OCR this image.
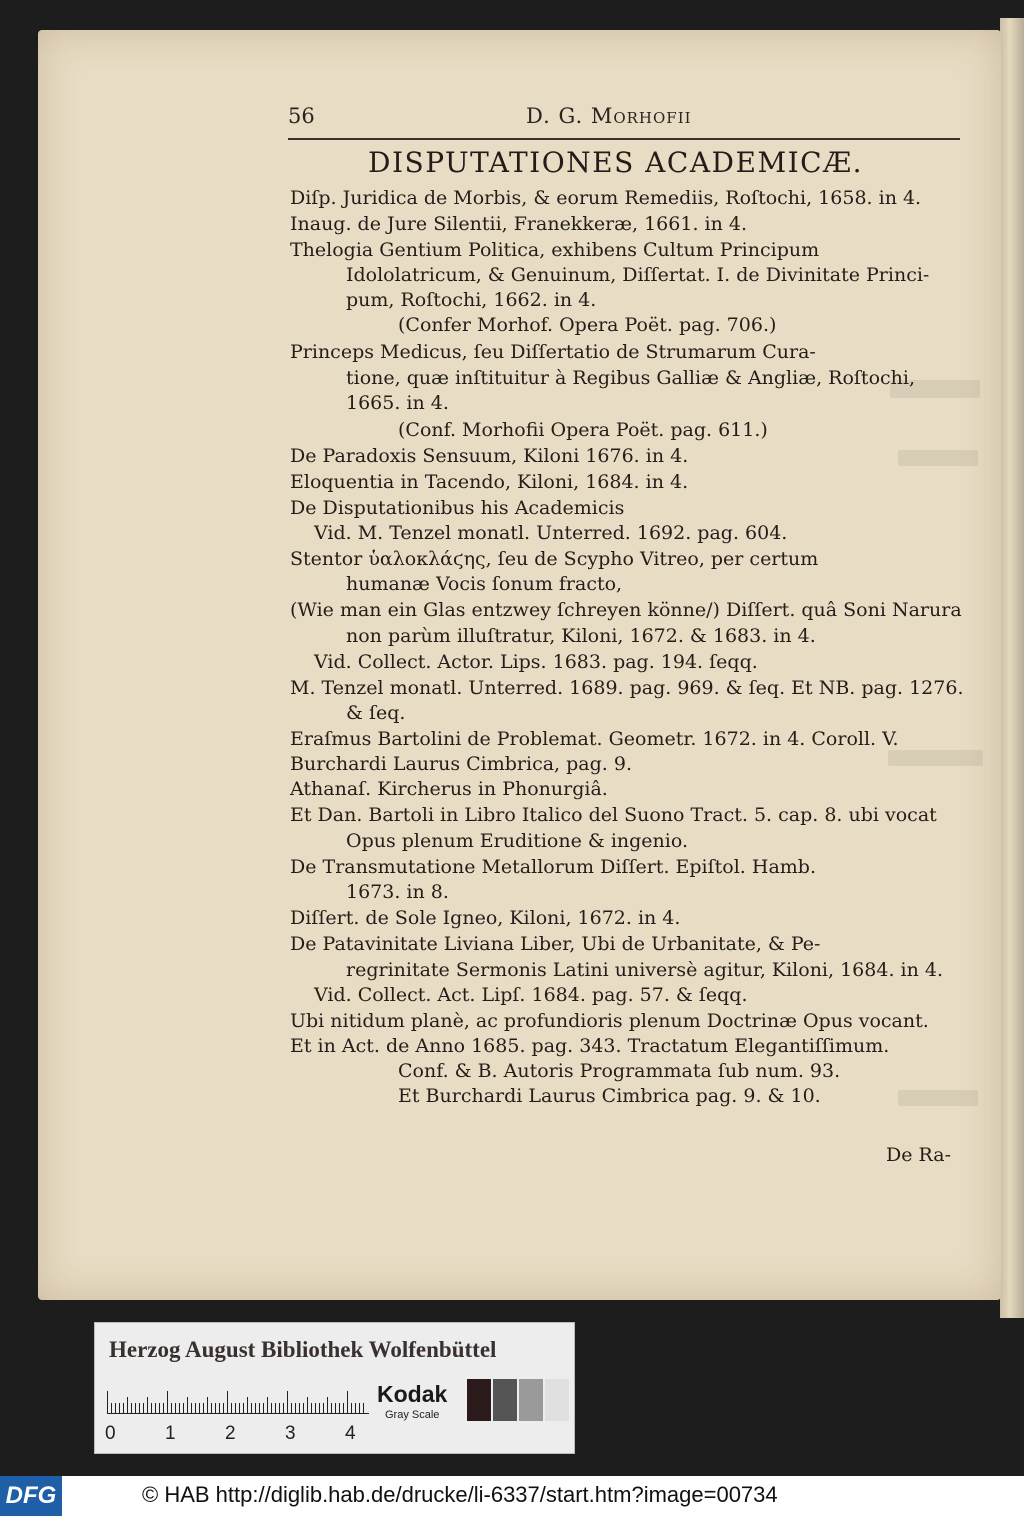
56	D. G. Morhofii
DISPUTATIONES ACADEMICÆ.
Diſp. Juridica de Morbis, & eorum Remediis, Roſtochi, 1658. in 4.
Inaug. de Jure Silentii, Franekkeræ, 1661. in 4.
Thelogia Gentium Politica, exhibens Cultum Principum
Idololatricum, & Genuinum, Diſſertat. I. de Divinitate Princi-
pum, Roſtochi, 1662. in 4.
(Confer Morhof. Opera Poët. pag. 706.)
Princeps Medicus, ſeu Diſſertatio de Strumarum Cura-
tione, quæ inſtituitur à Regibus Galliæ & Angliæ, Roſtochi,
1665. in 4.
(Conf. Morhofii Opera Poët. pag. 611.)
De Paradoxis Sensuum, Kiloni 1676. in 4.
Eloquentia in Tacendo, Kiloni, 1684. in 4.
De Disputationibus his Academicis
Vid. M. Tenzel monatl. Unterred. 1692. pag. 604.
Stentor ὑαλοκλάϛης, ſeu de Scypho Vitreo, per certum
humanæ Vocis ſonum fracto,
(Wie man ein Glas entzwey ſchreyen könne/) Diſſert. quâ Soni Narura
non parùm illuſtratur, Kiloni, 1672. & 1683. in 4.
Vid. Collect. Actor. Lips. 1683. pag. 194. ſeqq.
M. Tenzel monatl. Unterred. 1689. pag. 969. & ſeq. Et NB. pag. 1276.
& ſeq.
Eraſmus Bartolini de Problemat. Geometr. 1672. in 4. Coroll. V.
Burchardi Laurus Cimbrica, pag. 9.
Athanaſ. Kircherus in Phonurgiâ.
Et Dan. Bartoli in Libro Italico del Suono Tract. 5. cap. 8. ubi vocat
Opus plenum Eruditione & ingenio.
De Transmutatione Metallorum Diſſert. Epiſtol. Hamb.
1673. in 8.
Diſſert. de Sole Igneo, Kiloni, 1672. in 4.
De Patavinitate Liviana Liber, Ubi de Urbanitate, & Pe-
regrinitate Sermonis Latini universè agitur, Kiloni, 1684. in 4.
Vid. Collect. Act. Lipſ. 1684. pag. 57. & ſeqq.
Ubi nitidum planè, ac profundioris plenum Doctrinæ Opus vocant.
Et in Act. de Anno 1685. pag. 343. Tractatum Elegantiſſimum.
Conf. & B. Autoris Programmata ſub num. 93.
Et Burchardi Laurus Cimbrica pag. 9. & 10.
De Ra-
Herzog August Bibliothek Wolfenbüttel
0	1	2	3	4
Kodak
Gray Scale
DFG	© HAB http://diglib.hab.de/drucke/li-6337/start.htm?image=00734
